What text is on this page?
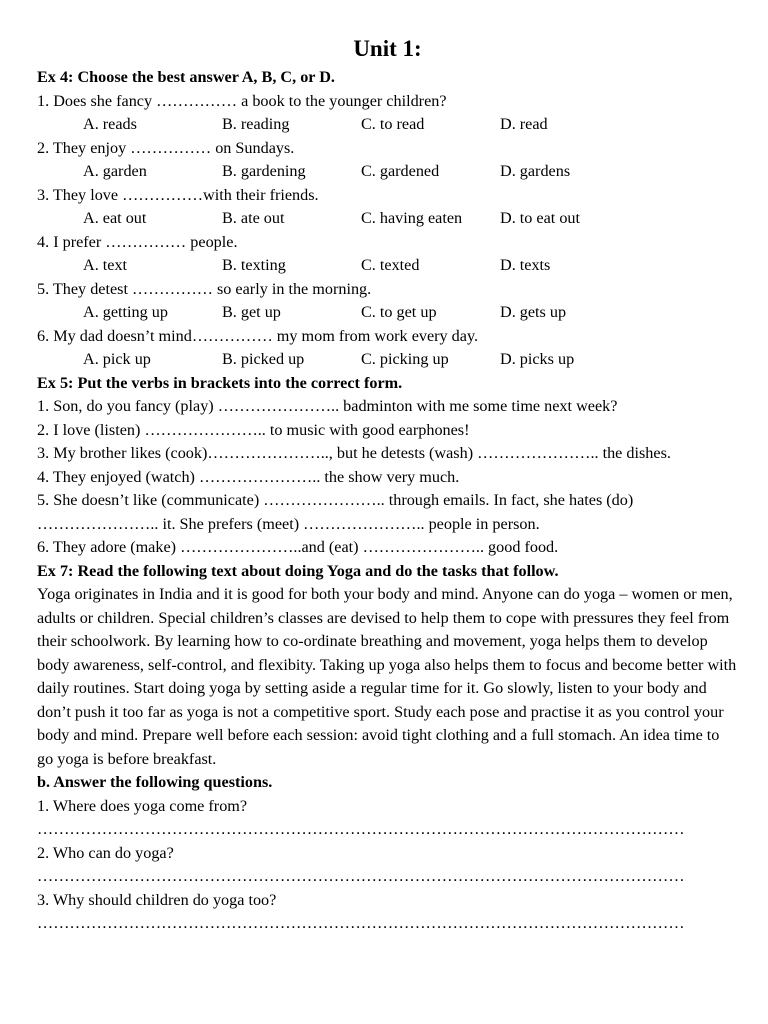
Unit 1:

Ex 4: Choose the best answer A, B, C, or D.

1. Does she fancy …………… a book to the younger children?

A. reads	B. reading	C. to read	D. read

2. They enjoy …………… on Sundays.

A. garden	B. gardening	C. gardened	D. gardens

3. They love ……………with their friends.

A. eat out	B. ate out	C. having eaten	D. to eat out

4. I prefer …………… people.

A. text	B. texting	C. texted	D. texts

5. They detest …………… so early in the morning.

A. getting up	B. get up	C. to get up	D. gets up

6. My dad doesn’t mind…………… my mom from work every day.

A. pick up	B. picked up	C. picking up	D. picks up

Ex 5: Put the verbs in brackets into the correct form.

1. Son, do you fancy (play) ………………….. badminton with me some time next week?

2. I love (listen) ………………….. to music with good earphones!

3. My brother likes (cook)………………….., but he detests (wash) ………………….. the dishes.

4. They enjoyed (watch) ………………….. the show very much.

5. She doesn’t like (communicate) ………………….. through emails. In fact, she hates (do) ………………….. it. She prefers (meet) ………………….. people in person.

6. They adore (make) …………………..and (eat) ………………….. good food.

Ex 7: Read the following text about doing Yoga and do the tasks that follow.

Yoga originates in India and it is good for both your body and mind. Anyone can do yoga – women or men, adults or children. Special children’s classes are devised to help them to cope with pressures they feel from their schoolwork. By learning how to co-ordinate breathing and movement, yoga helps them to develop body awareness, self-control, and flexibity. Taking up yoga also helps them to focus and become better with daily routines. Start doing yoga by setting aside a regular time for it. Go slowly, listen to your body and don’t push it too far as yoga is not a competitive sport. Study each pose and practise it as you control your body and mind. Prepare well before each session: avoid tight clothing and a full stomach. An idea time to go yoga is before breakfast.

b. Answer the following questions.

1. Where does yoga come from?

…………………………………………………………………………………………………………

2. Who can do yoga?

…………………………………………………………………………………………………………

3. Why should children do yoga too?

…………………………………………………………………………………………………………
